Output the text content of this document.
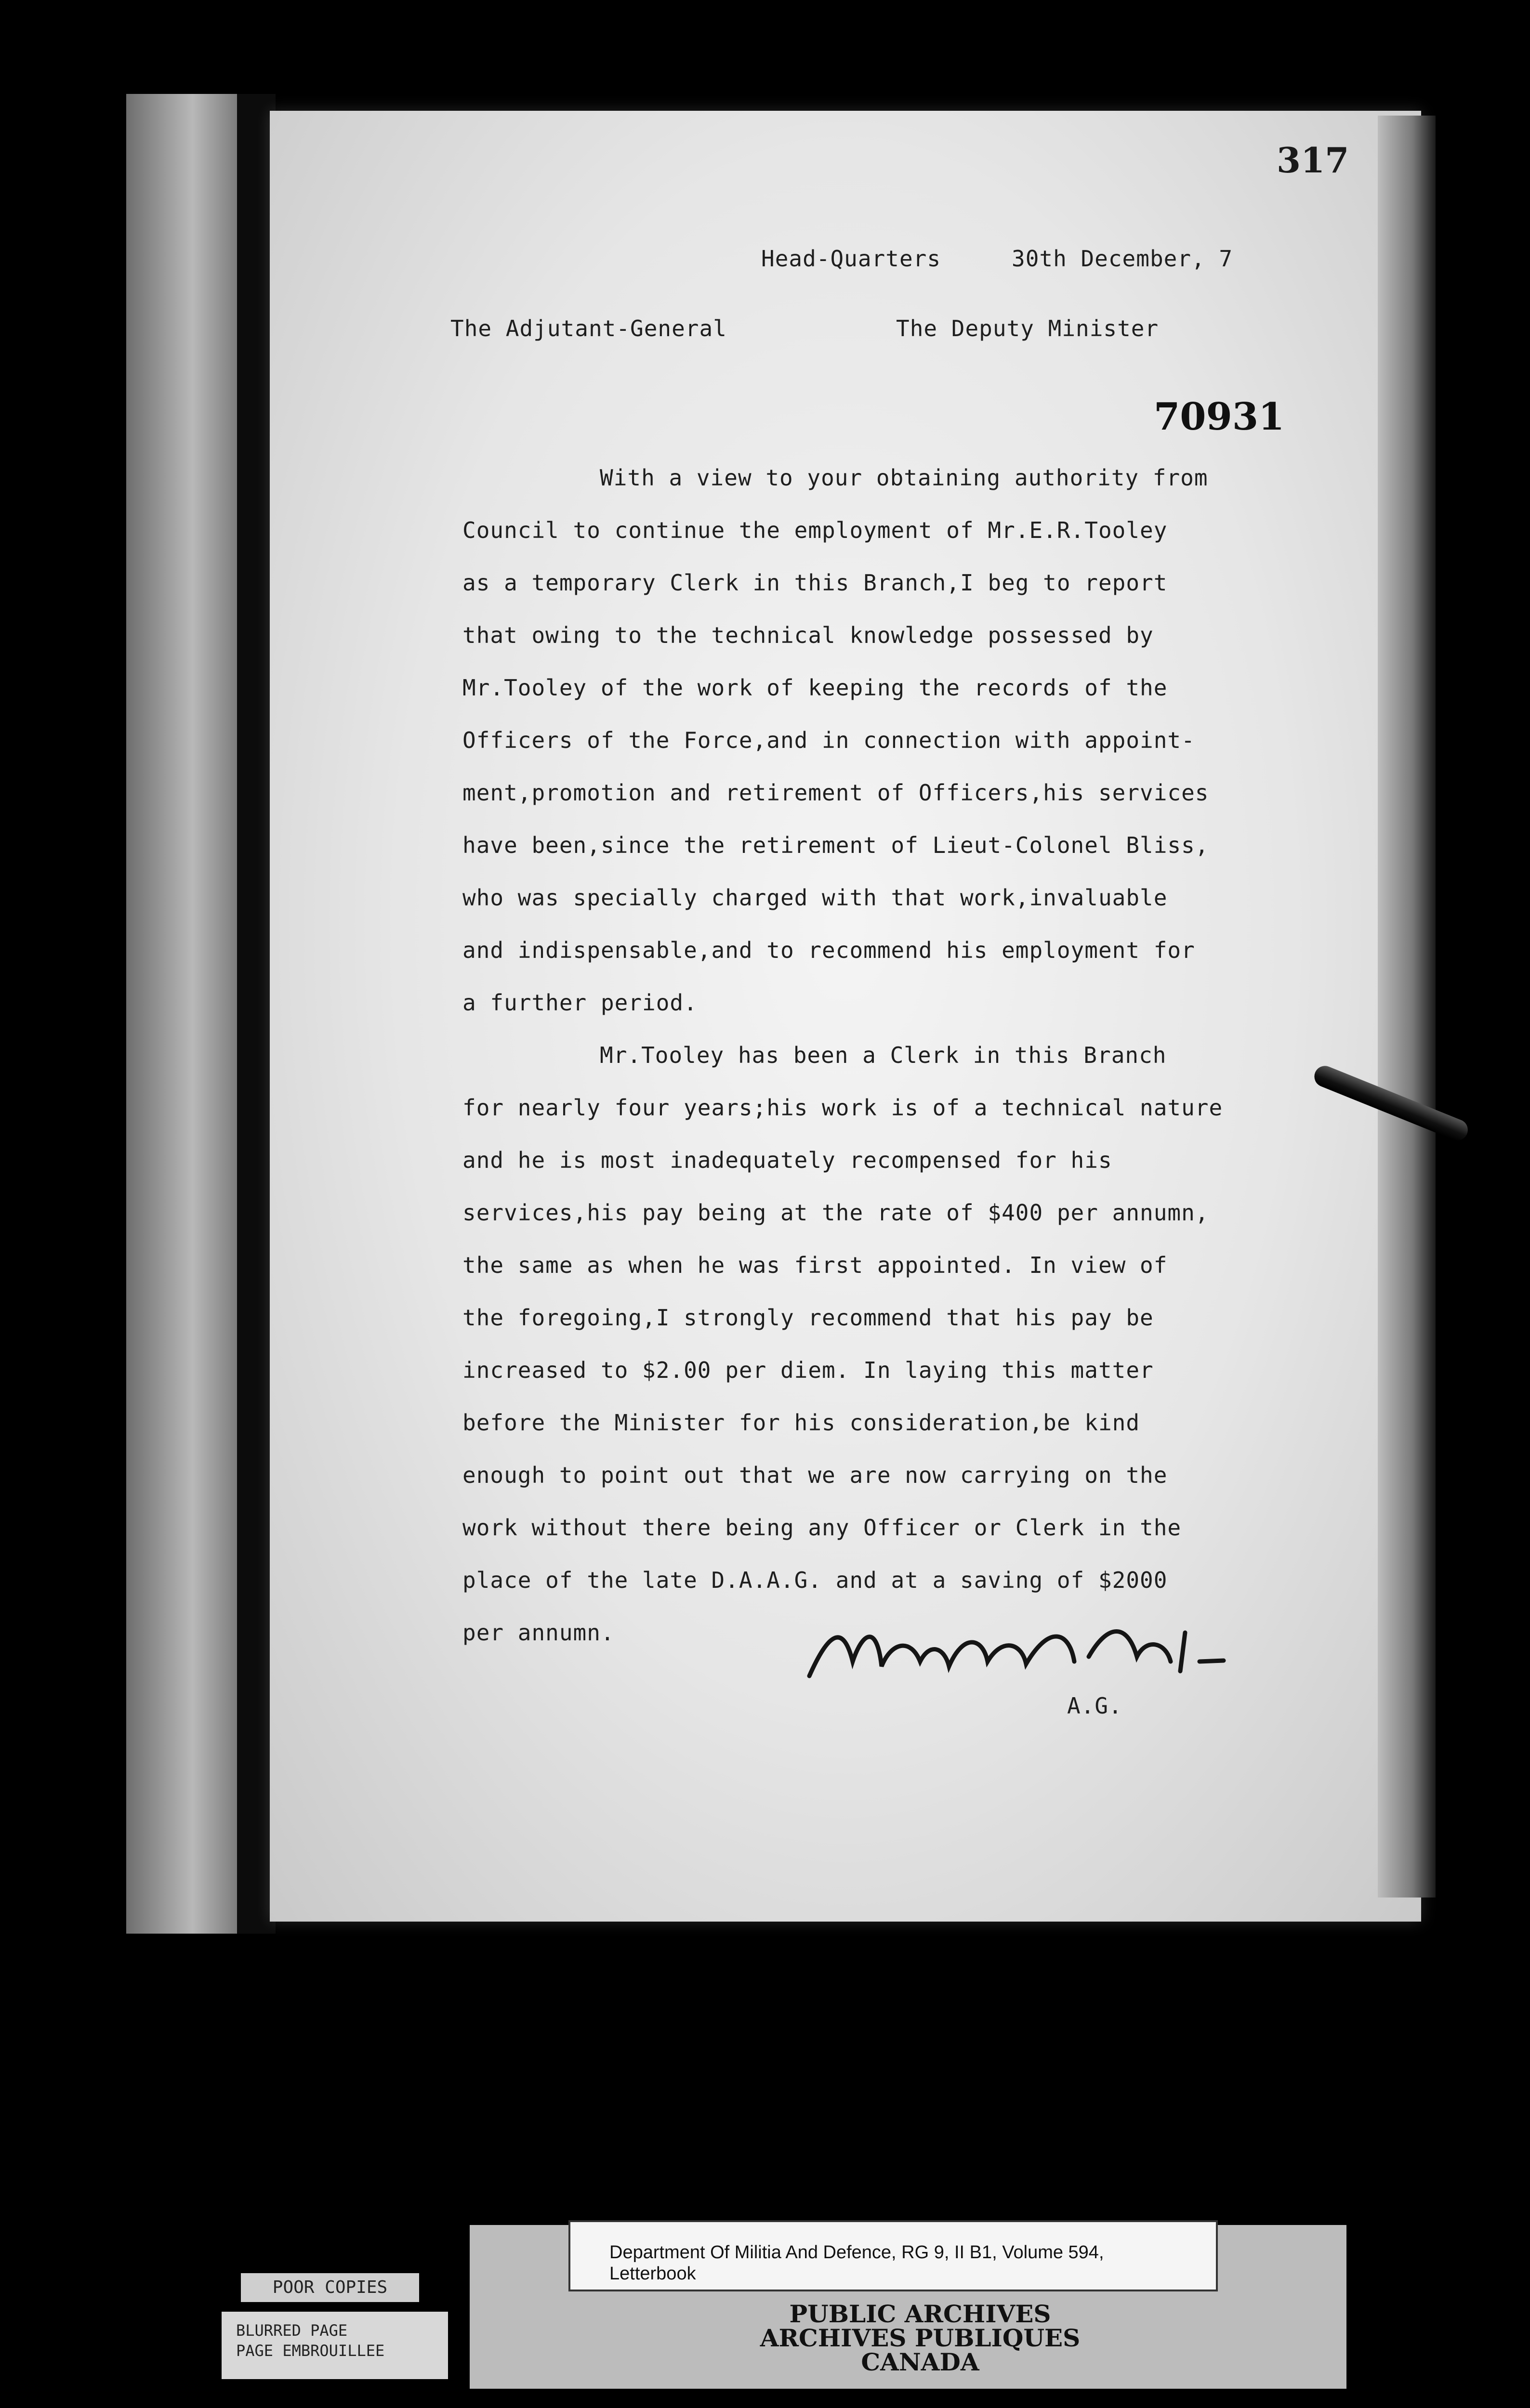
317
Head-Quarters	30th December, 7
The Adjutant-General	The Deputy Minister
70931
With a view to your obtaining authority from
Council to continue the employment of Mr.E.R.Tooley
as a temporary Clerk in this Branch,I beg to report
that owing to the technical knowledge possessed by
Mr.Tooley of the work of keeping the records of the
Officers of the Force,and in connection with appoint-
ment,promotion and retirement of Officers,his services
have been,since the retirement of Lieut-Colonel Bliss,
who was specially charged with that work,invaluable
and indispensable,and to recommend his employment for
a further period.
Mr.Tooley has been a Clerk in this Branch
for nearly four years;his work is of a technical nature
and he is most inadequately recompensed for his
services,his pay being at the rate of $400 per annumn,
the same as when he was first appointed. In view of
the foregoing,I strongly recommend that his pay be
increased to $2.00 per diem. In laying this matter
before the Minister for his consideration,be kind
enough to point out that we are now carrying on the
work without there being any Officer or Clerk in the
place of the late D.A.A.G. and at a saving of $2000
per annumn.
A.G.
Department Of Militia And Defence, RG 9, II B1, Volume 594,
Letterbook
PUBLIC ARCHIVES
ARCHIVES PUBLIQUES
CANADA
POOR COPIES
BLURRED PAGE
PAGE EMBROUILLEE
